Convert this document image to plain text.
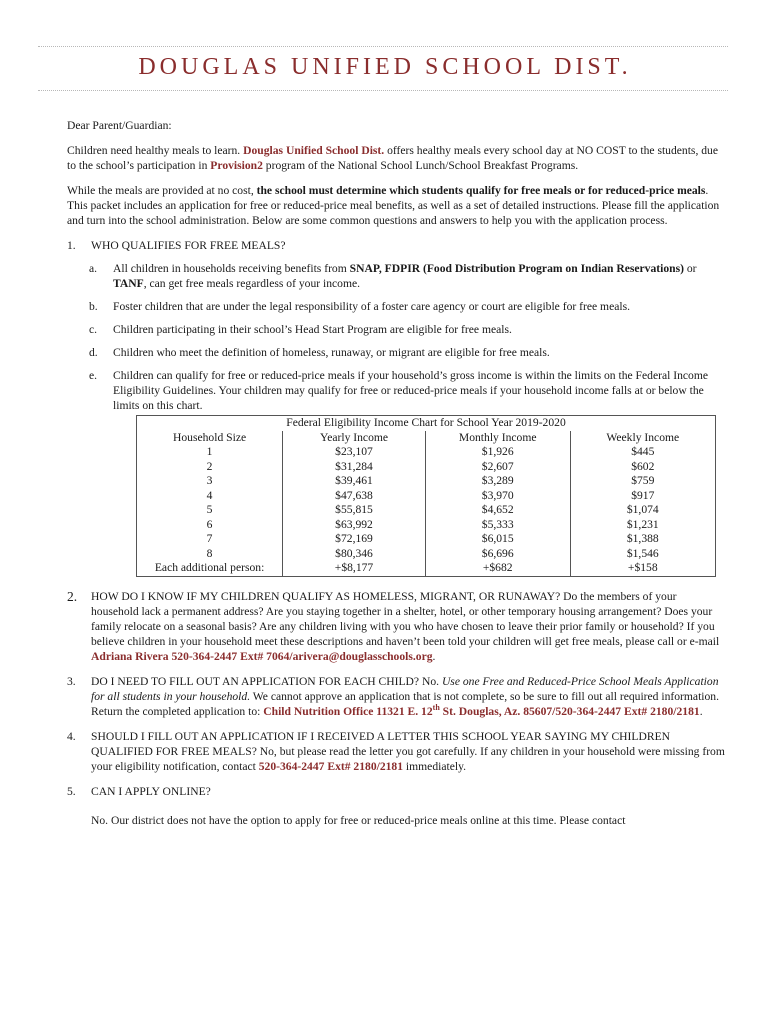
DOUGLAS UNIFIED SCHOOL DIST.

Dear Parent/Guardian:

Children need healthy meals to learn. Douglas Unified School Dist. offers healthy meals every school day at NO COST to the students, due to the school’s participation in Provision2 program of the National School Lunch/School Breakfast Programs.

While the meals are provided at no cost, the school must determine which students qualify for free meals or for reduced-price meals. This packet includes an application for free or reduced-price meal benefits, as well as a set of detailed instructions. Please fill the application and turn into the school administration. Below are some common questions and answers to help you with the application process.

1.	WHO QUALIFIES FOR FREE MEALS?
a.	All children in households receiving benefits from SNAP, FDPIR (Food Distribution Program on Indian Reservations) or TANF, can get free meals regardless of your income.
b.	Foster children that are under the legal responsibility of a foster care agency or court are eligible for free meals.
c.	Children participating in their school’s Head Start Program are eligible for free meals.
d.	Children who meet the definition of homeless, runaway, or migrant are eligible for free meals.
e.	Children can qualify for free or reduced-price meals if your household’s gross income is within the limits on the Federal Income Eligibility Guidelines. Your children may qualify for free or reduced-price meals if your household income falls at or below the limits on this chart.
Federal Eligibility Income Chart for School Year 2019-2020			
Household Size	Yearly Income	Monthly Income	Weekly Income
1	$23,107	$1,926	$445
2	$31,284	$2,607	$602
3	$39,461	$3,289	$759
4	$47,638	$3,970	$917
5	$55,815	$4,652	$1,074
6	$63,992	$5,333	$1,231
7	$72,169	$6,015	$1,388
8	$80,346	$6,696	$1,546
Each additional person:	+$8,177	+$682	+$158
2.	HOW DO I KNOW IF MY CHILDREN QUALIFY AS HOMELESS, MIGRANT, OR RUNAWAY? Do the members of your household lack a permanent address? Are you staying together in a shelter, hotel, or other temporary housing arrangement? Does your family relocate on a seasonal basis? Are any children living with you who have chosen to leave their prior family or household? If you believe children in your household meet these descriptions and haven’t been told your children will get free meals, please call or e-mail Adriana Rivera 520-364-2447 Ext# 7064/arivera@douglasschools.org.
3.	DO I NEED TO FILL OUT AN APPLICATION FOR EACH CHILD? No. Use one Free and Reduced-Price School Meals Application for all students in your household. We cannot approve an application that is not complete, so be sure to fill out all required information. Return the completed application to: Child Nutrition Office 11321 E. 12th St. Douglas, Az. 85607/520-364-2447 Ext# 2180/2181.
4.	SHOULD I FILL OUT AN APPLICATION IF I RECEIVED A LETTER THIS SCHOOL YEAR SAYING MY CHILDREN QUALIFIED FOR FREE MEALS? No, but please read the letter you got carefully. If any children in your household were missing from your eligibility notification, contact 520-364-2447 Ext# 2180/2181 immediately.
5.	CAN I APPLY ONLINE?

No. Our district does not have the option to apply for free or reduced-price meals online at this time. Please contact
